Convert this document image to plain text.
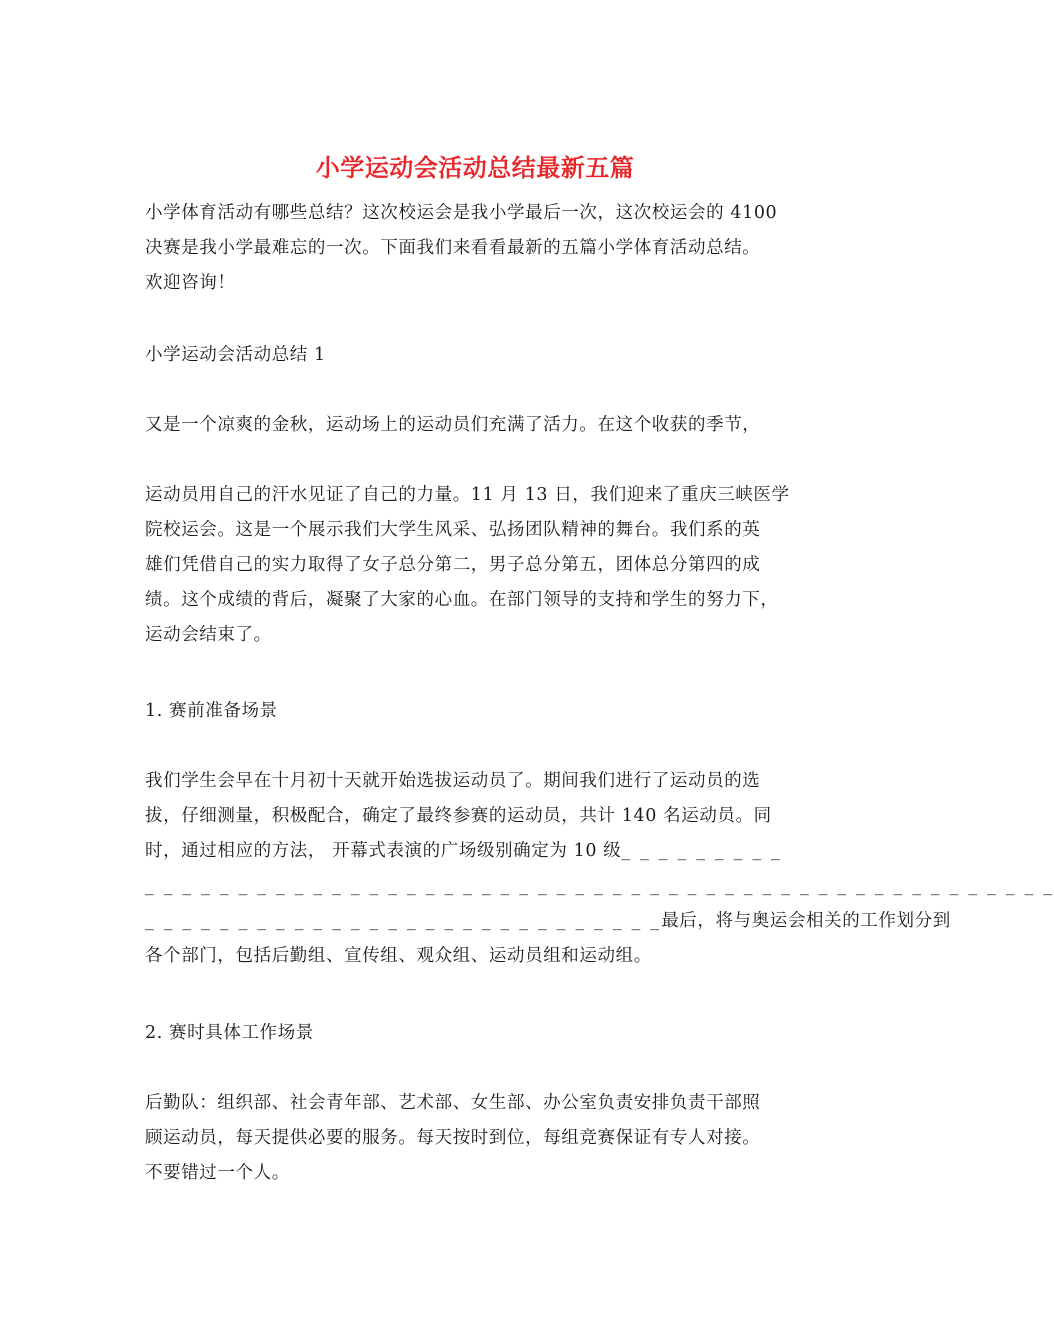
小学运动会活动总结最新五篇
小学体育活动有哪些总结？这次校运会是我小学最后一次，这次校运会的 4100
决赛是我小学最难忘的一次。下面我们来看看最新的五篇小学体育活动总结。
欢迎咨询！
小学运动会活动总结 1
又是一个凉爽的金秋，运动场上的运动员们充满了活力。在这个收获的季节，
运动员用自己的汗水见证了自己的力量。11 月 13 日，我们迎来了重庆三峡医学
院校运会。这是一个展示我们大学生风采、弘扬团队精神的舞台。我们系的英
雄们凭借自己的实力取得了女子总分第二，男子总分第五，团体总分第四的成
绩。这个成绩的背后，凝聚了大家的心血。在部门领导的支持和学生的努力下，
运动会结束了。
1. 赛前准备场景
我们学生会早在十月初十天就开始选拔运动员了。期间我们进行了运动员的选
拔，仔细测量，积极配合，确定了最终参赛的运动员，共计 140 名运动员。同
时，通过相应的方法， 开幕式表演的广场级别确定为 10 级_ _ _ _ _ _ _ _ _
_ _ _ _ _ _ _ _ _ _ _ _ _ _ _ _ _ _ _ _ _ _ _ _ _ _ _ _ _ _ _ _ _ _ _ _ _ _ _ _ _ _ _ _ _ _ _ _ _
_ _ _ _ _ _ _ _ _ _ _ _ _ _ _ _ _ _ _ _ _ _ _ _ _ _ _ _最后，将与奥运会相关的工作划分到
各个部门，包括后勤组、宣传组、观众组、运动员组和运动组。
2. 赛时具体工作场景
后勤队：组织部、社会青年部、艺术部、女生部、办公室负责安排负责干部照
顾运动员，每天提供必要的服务。每天按时到位，每组竞赛保证有专人对接。
不要错过一个人。
